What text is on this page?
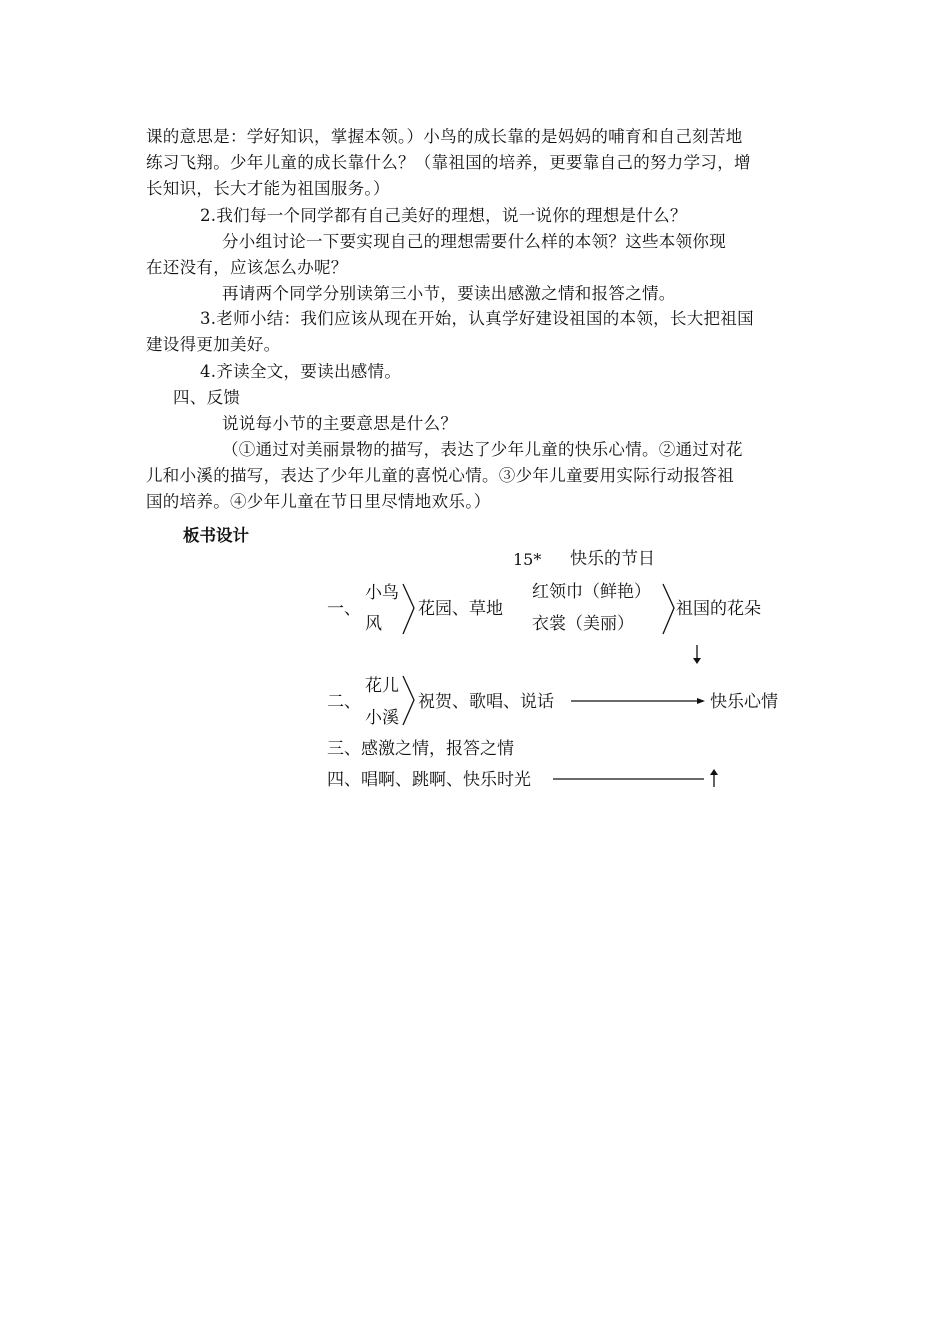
课的意思是：学好知识，掌握本领。）小鸟的成长靠的是妈妈的哺育和自己刻苦地
练习飞翔。少年儿童的成长靠什么？（靠祖国的培养，更要靠自己的努力学习，增
长知识，长大才能为祖国服务。）
2.我们每一个同学都有自己美好的理想，说一说你的理想是什么？
分小组讨论一下要实现自己的理想需要什么样的本领？这些本领你现
在还没有，应该怎么办呢？
再请两个同学分别读第三小节，要读出感激之情和报答之情。
3.老师小结：我们应该从现在开始，认真学好建设祖国的本领，长大把祖国
建设得更加美好。
4.齐读全文，要读出感情。
四、反馈
说说每小节的主要意思是什么？
（①通过对美丽景物的描写，表达了少年儿童的快乐心情。②通过对花
儿和小溪的描写，表达了少年儿童的喜悦心情。③少年儿童要用实际行动报答祖
国的培养。④少年儿童在节日里尽情地欢乐。）
板书设计
15* 快乐的节日
一、
小鸟
风
花园、草地
红领巾（鲜艳）
衣裳（美丽）
祖国的花朵
二、
花儿
小溪
祝贺、歌唱、说话	快乐心情
三、感激之情，报答之情
四、唱啊、跳啊、快乐时光
